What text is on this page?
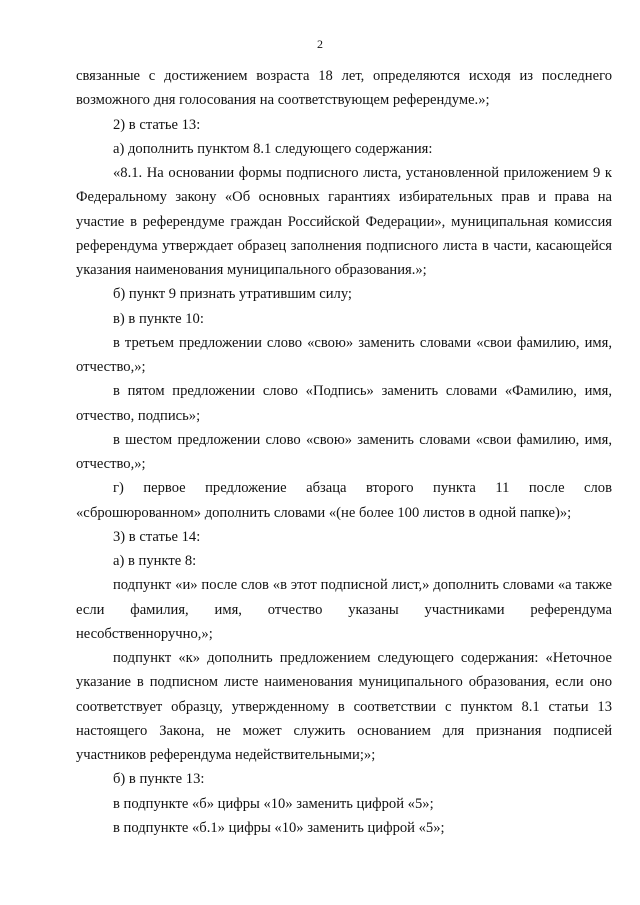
2

связанные с достижением возраста 18 лет, определяются исходя из последнего возможного дня голосования на соответствующем референдуме.»;

2) в статье 13:

а) дополнить пунктом 8.1 следующего содержания:

«8.1. На основании формы подписного листа, установленной приложением 9 к Федеральному закону «Об основных гарантиях избирательных прав и права на участие в референдуме граждан Российской Федерации», муниципальная комиссия референдума утверждает образец заполнения подписного листа в части, касающейся указания наименования муниципального образования.»;

б) пункт 9 признать утратившим силу;

в) в пункте 10:

в третьем предложении слово «свою» заменить словами «свои фамилию, имя, отчество,»;

в пятом предложении слово «Подпись» заменить словами «Фамилию, имя, отчество, подпись»;

в шестом предложении слово «свою» заменить словами «свои фамилию, имя, отчество,»;

г) первое предложение абзаца второго пункта 11 после слов «сброшюрованном» дополнить словами «(не более 100 листов в одной папке)»;

3) в статье 14:

а) в пункте 8:

подпункт «и» после слов «в этот подписной лист,» дополнить словами «а также если фамилия, имя, отчество указаны участниками референдума несобственноручно,»;

подпункт «к» дополнить предложением следующего содержания: «Неточное указание в подписном листе наименования муниципального образования, если оно соответствует образцу, утвержденному в соответствии с пунктом 8.1 статьи 13 настоящего Закона, не может служить основанием для признания подписей участников референдума недействительными;»;

б) в пункте 13:

в подпункте «б» цифры «10» заменить цифрой «5»;

в подпункте «б.1» цифры «10» заменить цифрой «5»;
